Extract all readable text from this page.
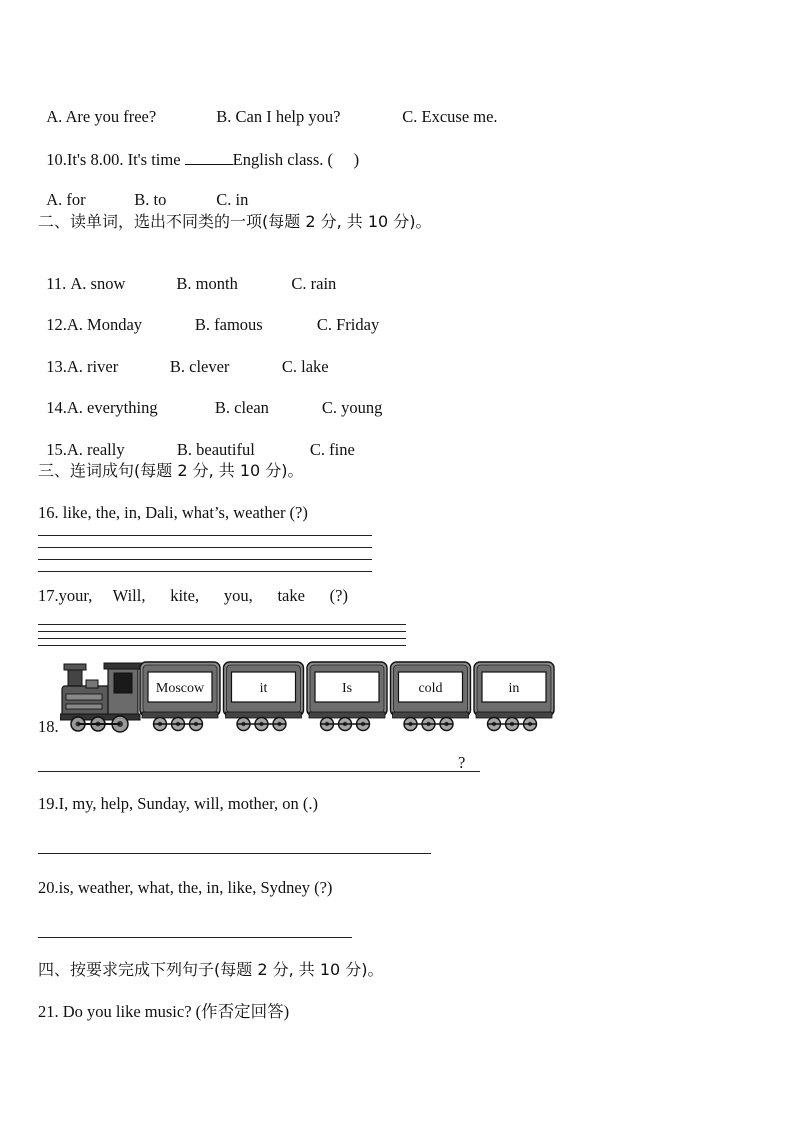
A. Are you free?	B. Can I help you?	C. Excuse me.

10.It's 8.00. It's time	English class. (     )

A. for	B. to	C. in

二、读单词，选出不同类的一项(每题 2 分, 共 10 分)。

11. A. snow	B. month	C. rain

12.A. Monday	B. famous	C. Friday

13.A. river	B. clever	C. lake

14.A. everything	B. clean	C. young

15.A. really	B. beautiful	C. fine

三、连词成句(每题 2 分, 共 10 分)。
16. like, the, in, Dali, what’s, weather (?)
17.your,     Will,      kite,      you,      take      (?)
18.
Moscow	it	Is	cold	in
?
19.I, my, help, Sunday, will, mother, on (.)
20.is, weather, what, the, in, like, Sydney (?)
四、按要求完成下列句子(每题 2 分, 共 10 分)。
21. Do you like music? (作否定回答)
